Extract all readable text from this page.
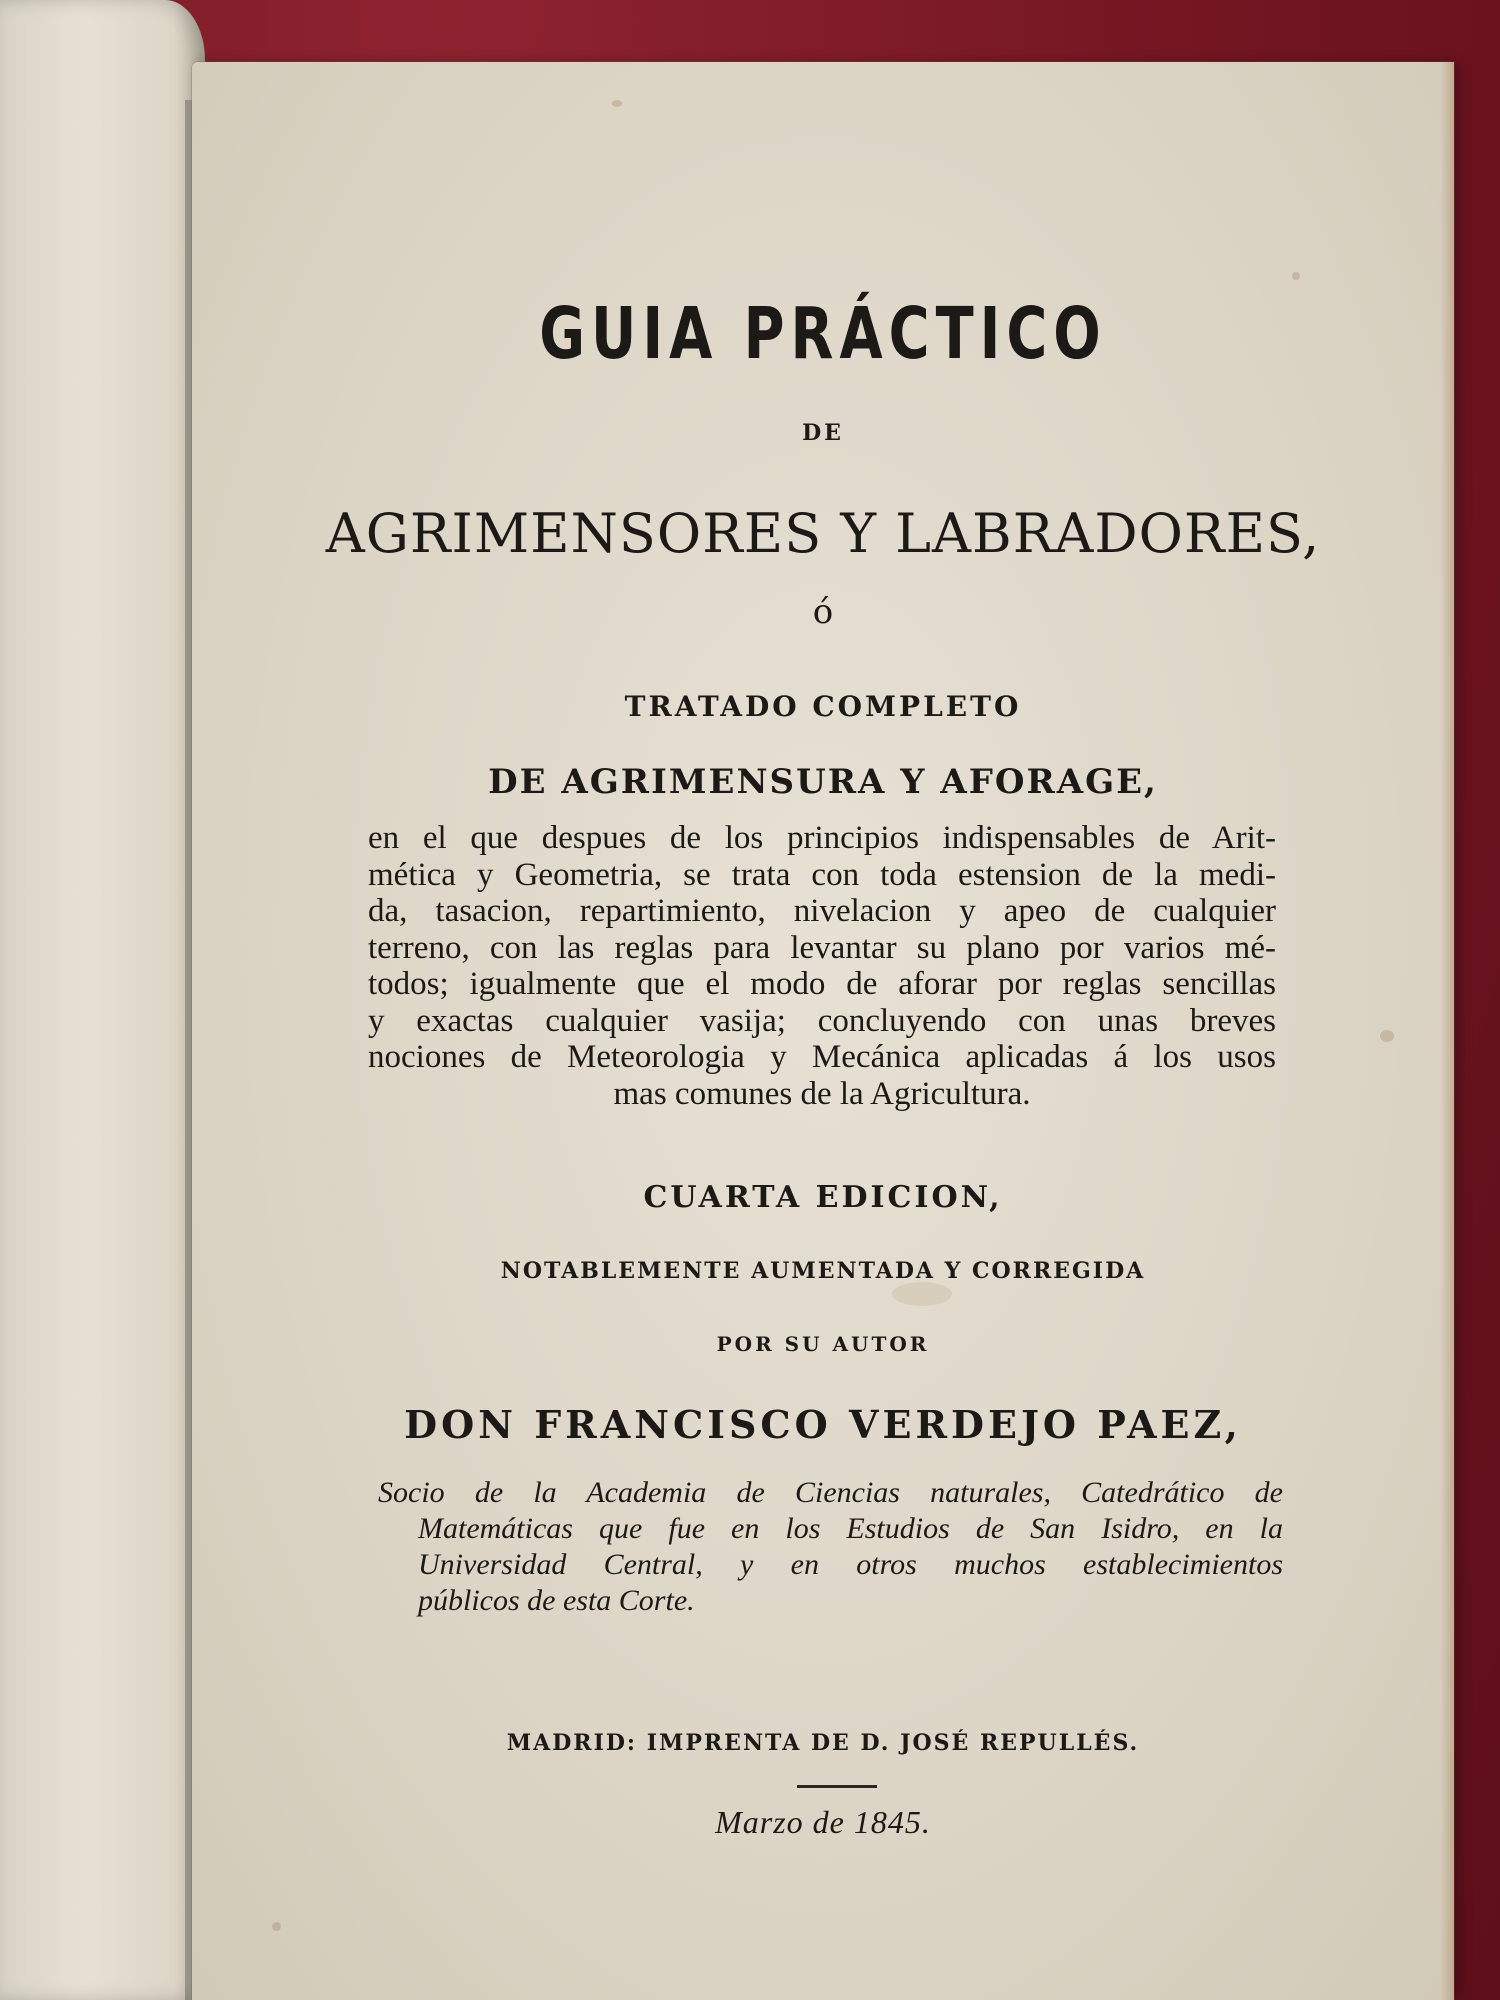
GUIA PRÁCTICO
DE
AGRIMENSORES Y LABRADORES,
ó
TRATADO COMPLETO
DE AGRIMENSURA Y AFORAGE,
en el que despues de los principios indispensables de Arit-
mética y Geometria, se trata con toda estension de la medi-
da, tasacion, repartimiento, nivelacion y apeo de cualquier
terreno, con las reglas para levantar su plano por varios mé-
todos; igualmente que el modo de aforar por reglas sencillas
y exactas cualquier vasija; concluyendo con unas breves
nociones de Meteorologia y Mecánica aplicadas á los usos
mas comunes de la Agricultura.
CUARTA EDICION,
NOTABLEMENTE AUMENTADA Y CORREGIDA
POR SU AUTOR
DON FRANCISCO VERDEJO PAEZ,
Socio de la Academia de Ciencias naturales, Catedrático de
Matemáticas que fue en los Estudios de San Isidro, en la
Universidad Central, y en otros muchos establecimientos
públicos de esta Corte.
MADRID: IMPRENTA DE D. JOSÉ REPULLÉS.
Marzo de 1845.
